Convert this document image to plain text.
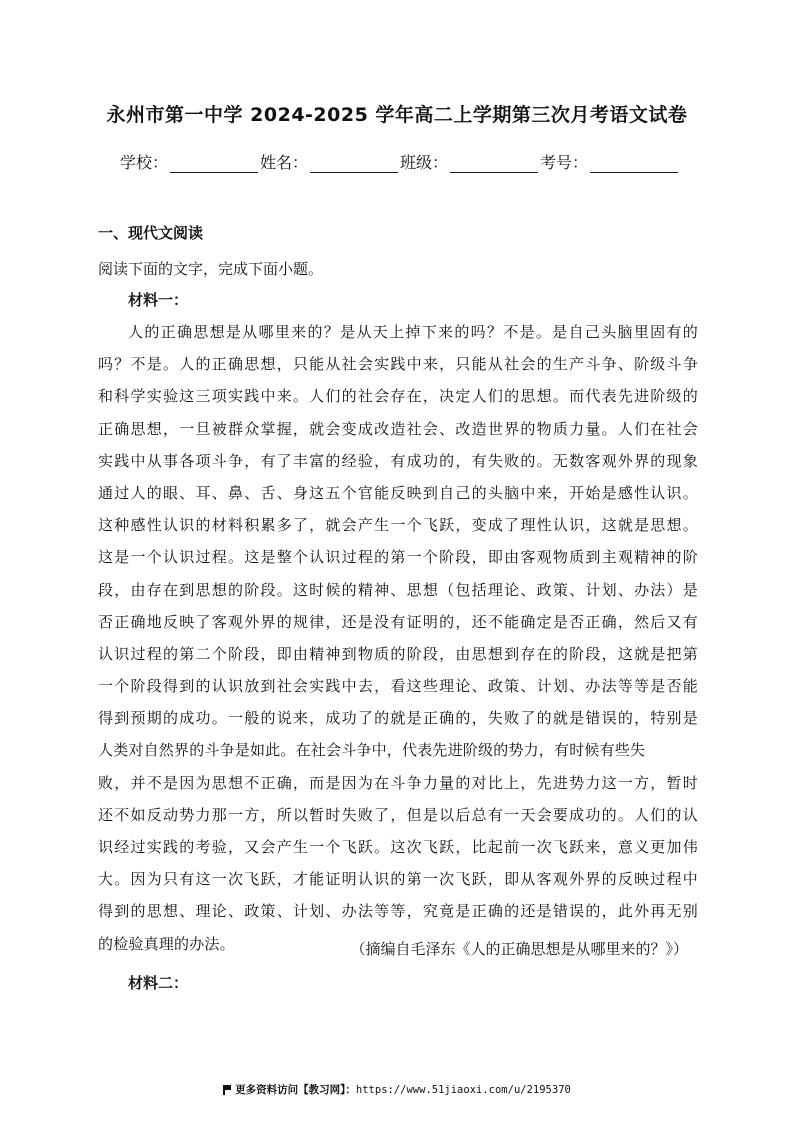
永州市第一中学 2024-2025 学年高二上学期第三次月考语文试卷
学校：	姓名：	班级：	考号：
一、现代文阅读
阅读下面的文字，完成下面小题。
材料一：
人的正确思想是从哪里来的？是从天上掉下来的吗？不是。是自己头脑里固有的
吗？不是。人的正确思想，只能从社会实践中来，只能从社会的生产斗争、阶级斗争
和科学实验这三项实践中来。人们的社会存在，决定人们的思想。而代表先进阶级的
正确思想，一旦被群众掌握，就会变成改造社会、改造世界的物质力量。人们在社会
实践中从事各项斗争，有了丰富的经验，有成功的，有失败的。无数客观外界的现象
通过人的眼、耳、鼻、舌、身这五个官能反映到自己的头脑中来，开始是感性认识。
这种感性认识的材料积累多了，就会产生一个飞跃，变成了理性认识，这就是思想。
这是一个认识过程。这是整个认识过程的第一个阶段，即由客观物质到主观精神的阶
段，由存在到思想的阶段。这时候的精神、思想（包括理论、政策、计划、办法）是
否正确地反映了客观外界的规律，还是没有证明的，还不能确定是否正确，然后又有
认识过程的第二个阶段，即由精神到物质的阶段，由思想到存在的阶段，这就是把第
一个阶段得到的认识放到社会实践中去，看这些理论、政策、计划、办法等等是否能
得到预期的成功。一般的说来，成功了的就是正确的，失败了的就是错误的，特别是
人类对自然界的斗争是如此。在社会斗争中，代表先进阶级的势力，有时候有些失
败，并不是因为思想不正确，而是因为在斗争力量的对比上，先进势力这一方，暂时
还不如反动势力那一方，所以暂时失败了，但是以后总有一天会要成功的。人们的认
识经过实践的考验，又会产生一个飞跃。这次飞跃，比起前一次飞跃来，意义更加伟
大。因为只有这一次飞跃，才能证明认识的第一次飞跃，即从客观外界的反映过程中
得到的思想、理论、政策、计划、办法等等，究竟是正确的还是错误的，此外再无别
的检验真理的办法。	（摘编自毛泽东《人的正确思想是从哪里来的？》）
材料二：
更多资料访问【教习网】：https://www.51jiaoxi.com/u/2195370
